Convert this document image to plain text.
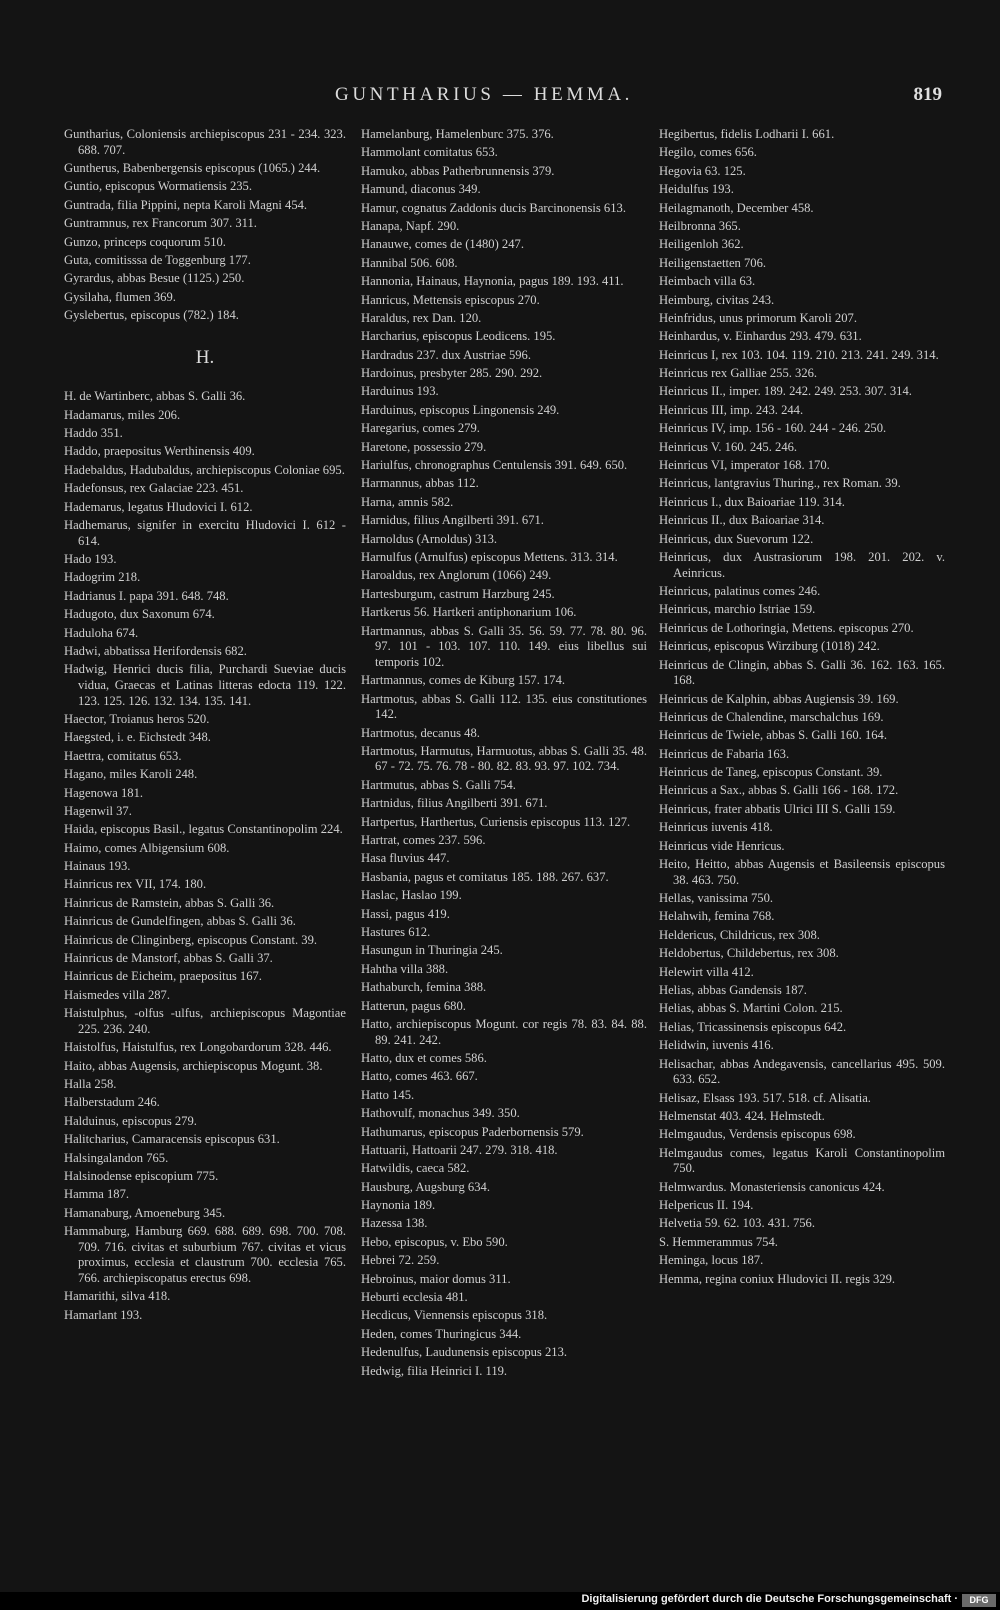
GUNTHARIUS — HEMMA.	819

Guntharius, Coloniensis archiepiscopus 231 - 234. 323. 688. 707.

Guntherus, Babenbergensis episcopus (1065.) 244.

Guntio, episcopus Wormatiensis 235.

Guntrada, filia Pippini, nepta Karoli Magni 454.

Guntramnus, rex Francorum 307. 311.

Gunzo, princeps coquorum 510.

Guta, comitisssa de Toggenburg 177.

Gyrardus, abbas Besue (1125.) 250.

Gysilaha, flumen 369.

Gyslebertus, episcopus (782.) 184.

H.

H. de Wartinberc, abbas S. Galli 36.

Hadamarus, miles 206.

Haddo 351.

Haddo, praepositus Werthinensis 409.

Hadebaldus, Hadubaldus, archiepiscopus Coloniae 695.

Hadefonsus, rex Galaciae 223. 451.

Hademarus, legatus Hludovici I. 612.

Hadhemarus, signifer in exercitu Hludovici I. 612 - 614.

Hado 193.

Hadogrim 218.

Hadrianus I. papa 391. 648. 748.

Hadugoto, dux Saxonum 674.

Haduloha 674.

Hadwi, abbatissa Herifordensis 682.

Hadwig, Henrici ducis filia, Purchardi Sueviae ducis vidua, Graecas et Latinas litteras edocta 119. 122. 123. 125. 126. 132. 134. 135. 141.

Haector, Troianus heros 520.

Haegsted, i. e. Eichstedt 348.

Haettra, comitatus 653.

Hagano, miles Karoli 248.

Hagenowa 181.

Hagenwil 37.

Haida, episcopus Basil., legatus Constantinopolim 224.

Haimo, comes Albigensium 608.

Hainaus 193.

Hainricus rex VII, 174. 180.

Hainricus de Ramstein, abbas S. Galli 36.

Hainricus de Gundelfingen, abbas S. Galli 36.

Hainricus de Clinginberg, episcopus Constant. 39.

Hainricus de Manstorf, abbas S. Galli 37.

Hainricus de Eicheim, praepositus 167.

Haismedes villa 287.

Haistulphus, -olfus -ulfus, archiepiscopus Magontiae 225. 236. 240.

Haistolfus, Haistulfus, rex Longobardorum 328. 446.

Haito, abbas Augensis, archiepiscopus Mogunt. 38.

Halla 258.

Halberstadum 246.

Halduinus, episcopus 279.

Halitcharius, Camaracensis episcopus 631.

Halsingalandon 765.

Halsinodense episcopium 775.

Hamma 187.

Hamanaburg, Amoeneburg 345.

Hammaburg, Hamburg 669. 688. 689. 698. 700. 708. 709. 716. civitas et suburbium 767. civitas et vicus proximus, ecclesia et claustrum 700. ecclesia 765. 766. archiepiscopatus erectus 698.

Hamarithi, silva 418.

Hamarlant 193.

Hamelanburg, Hamelenburc 375. 376.

Hammolant comitatus 653.

Hamuko, abbas Patherbrunnensis 379.

Hamund, diaconus 349.

Hamur, cognatus Zaddonis ducis Barcinonensis 613.

Hanapa, Napf. 290.

Hanauwe, comes de (1480) 247.

Hannibal 506. 608.

Hannonia, Hainaus, Haynonia, pagus 189. 193. 411.

Hanricus, Mettensis episcopus 270.

Haraldus, rex Dan. 120.

Harcharius, episcopus Leodicens. 195.

Hardradus 237. dux Austriae 596.

Hardoinus, presbyter 285. 290. 292.

Harduinus 193.

Harduinus, episcopus Lingonensis 249.

Haregarius, comes 279.

Haretone, possessio 279.

Hariulfus, chronographus Centulensis 391. 649. 650.

Harmannus, abbas 112.

Harna, amnis 582.

Harnidus, filius Angilberti 391. 671.

Harnoldus (Arnoldus) 313.

Harnulfus (Arnulfus) episcopus Mettens. 313. 314.

Haroaldus, rex Anglorum (1066) 249.

Hartesburgum, castrum Harzburg 245.

Hartkerus 56. Hartkeri antiphonarium 106.

Hartmannus, abbas S. Galli 35. 56. 59. 77. 78. 80. 96. 97. 101 - 103. 107. 110. 149. eius libellus sui temporis 102.

Hartmannus, comes de Kiburg 157. 174.

Hartmotus, abbas S. Galli 112. 135. eius constitutiones 142.

Hartmotus, decanus 48.

Hartmotus, Harmutus, Harmuotus, abbas S. Galli 35. 48. 67 - 72. 75. 76. 78 - 80. 82. 83. 93. 97. 102. 734.

Hartmutus, abbas S. Galli 754.

Hartnidus, filius Angilberti 391. 671.

Hartpertus, Harthertus, Curiensis episcopus 113. 127.

Hartrat, comes 237. 596.

Hasa fluvius 447.

Hasbania, pagus et comitatus 185. 188. 267. 637.

Haslac, Haslao 199.

Hassi, pagus 419.

Hastures 612.

Hasungun in Thuringia 245.

Hahtha villa 388.

Hathaburch, femina 388.

Hatterun, pagus 680.

Hatto, archiepiscopus Mogunt. cor regis 78. 83. 84. 88. 89. 241. 242.

Hatto, dux et comes 586.

Hatto, comes 463. 667.

Hatto 145.

Hathovulf, monachus 349. 350.

Hathumarus, episcopus Paderbornensis 579.

Hattuarii, Hattoarii 247. 279. 318. 418.

Hatwildis, caeca 582.

Hausburg, Augsburg 634.

Haynonia 189.

Hazessa 138.

Hebo, episcopus, v. Ebo 590.

Hebrei 72. 259.

Hebroinus, maior domus 311.

Heburti ecclesia 481.

Hecdicus, Viennensis episcopus 318.

Heden, comes Thuringicus 344.

Hedenulfus, Laudunensis episcopus 213.

Hedwig, filia Heinrici I. 119.

Hegibertus, fidelis Lodharii I. 661.

Hegilo, comes 656.

Hegovia 63. 125.

Heidulfus 193.

Heilagmanoth, December 458.

Heilbronna 365.

Heiligenloh 362.

Heiligenstaetten 706.

Heimbach villa 63.

Heimburg, civitas 243.

Heinfridus, unus primorum Karoli 207.

Heinhardus, v. Einhardus 293. 479. 631.

Heinricus I, rex 103. 104. 119. 210. 213. 241. 249. 314.

Heinricus rex Galliae 255. 326.

Heinricus II., imper. 189. 242. 249. 253. 307. 314.

Heinricus III, imp. 243. 244.

Heinricus IV, imp. 156 - 160. 244 - 246. 250.

Heinricus V. 160. 245. 246.

Heinricus VI, imperator 168. 170.

Heinricus, lantgravius Thuring., rex Roman. 39.

Heinricus I., dux Baioariae 119. 314.

Heinricus II., dux Baioariae 314.

Heinricus, dux Suevorum 122.

Heinricus, dux Austrasiorum 198. 201. 202. v. Aeinricus.

Heinricus, palatinus comes 246.

Heinricus, marchio Istriae 159.

Heinricus de Lothoringia, Mettens. episcopus 270.

Heinricus, episcopus Wirziburg (1018) 242.

Heinricus de Clingin, abbas S. Galli 36. 162. 163. 165. 168.

Heinricus de Kalphin, abbas Augiensis 39. 169.

Heinricus de Chalendine, marschalchus 169.

Heinricus de Twiele, abbas S. Galli 160. 164.

Heinricus de Fabaria 163.

Heinricus de Taneg, episcopus Constant. 39.

Heinricus a Sax., abbas S. Galli 166 - 168. 172.

Heinricus, frater abbatis Ulrici III S. Galli 159.

Heinricus iuvenis 418.

Heinricus vide Henricus.

Heito, Heitto, abbas Augensis et Basileensis episcopus 38. 463. 750.

Hellas, vanissima 750.

Helahwih, femina 768.

Heldericus, Childricus, rex 308.

Heldobertus, Childebertus, rex 308.

Helewirt villa 412.

Helias, abbas Gandensis 187.

Helias, abbas S. Martini Colon. 215.

Helias, Tricassinensis episcopus 642.

Helidwin, iuvenis 416.

Helisachar, abbas Andegavensis, cancellarius 495. 509. 633. 652.

Helisaz, Elsass 193. 517. 518. cf. Alisatia.

Helmenstat 403. 424. Helmstedt.

Helmgaudus, Verdensis episcopus 698.

Helmgaudus comes, legatus Karoli Constantinopolim 750.

Helmwardus. Monasteriensis canonicus 424.

Helpericus II. 194.

Helvetia 59. 62. 103. 431. 756.

S. Hemmerammus 754.

Heminga, locus 187.

Hemma, regina coniux Hludovici II. regis 329.

Digitalisierung gefördert durch die Deutsche Forschungsgemeinschaft ·	DFG
